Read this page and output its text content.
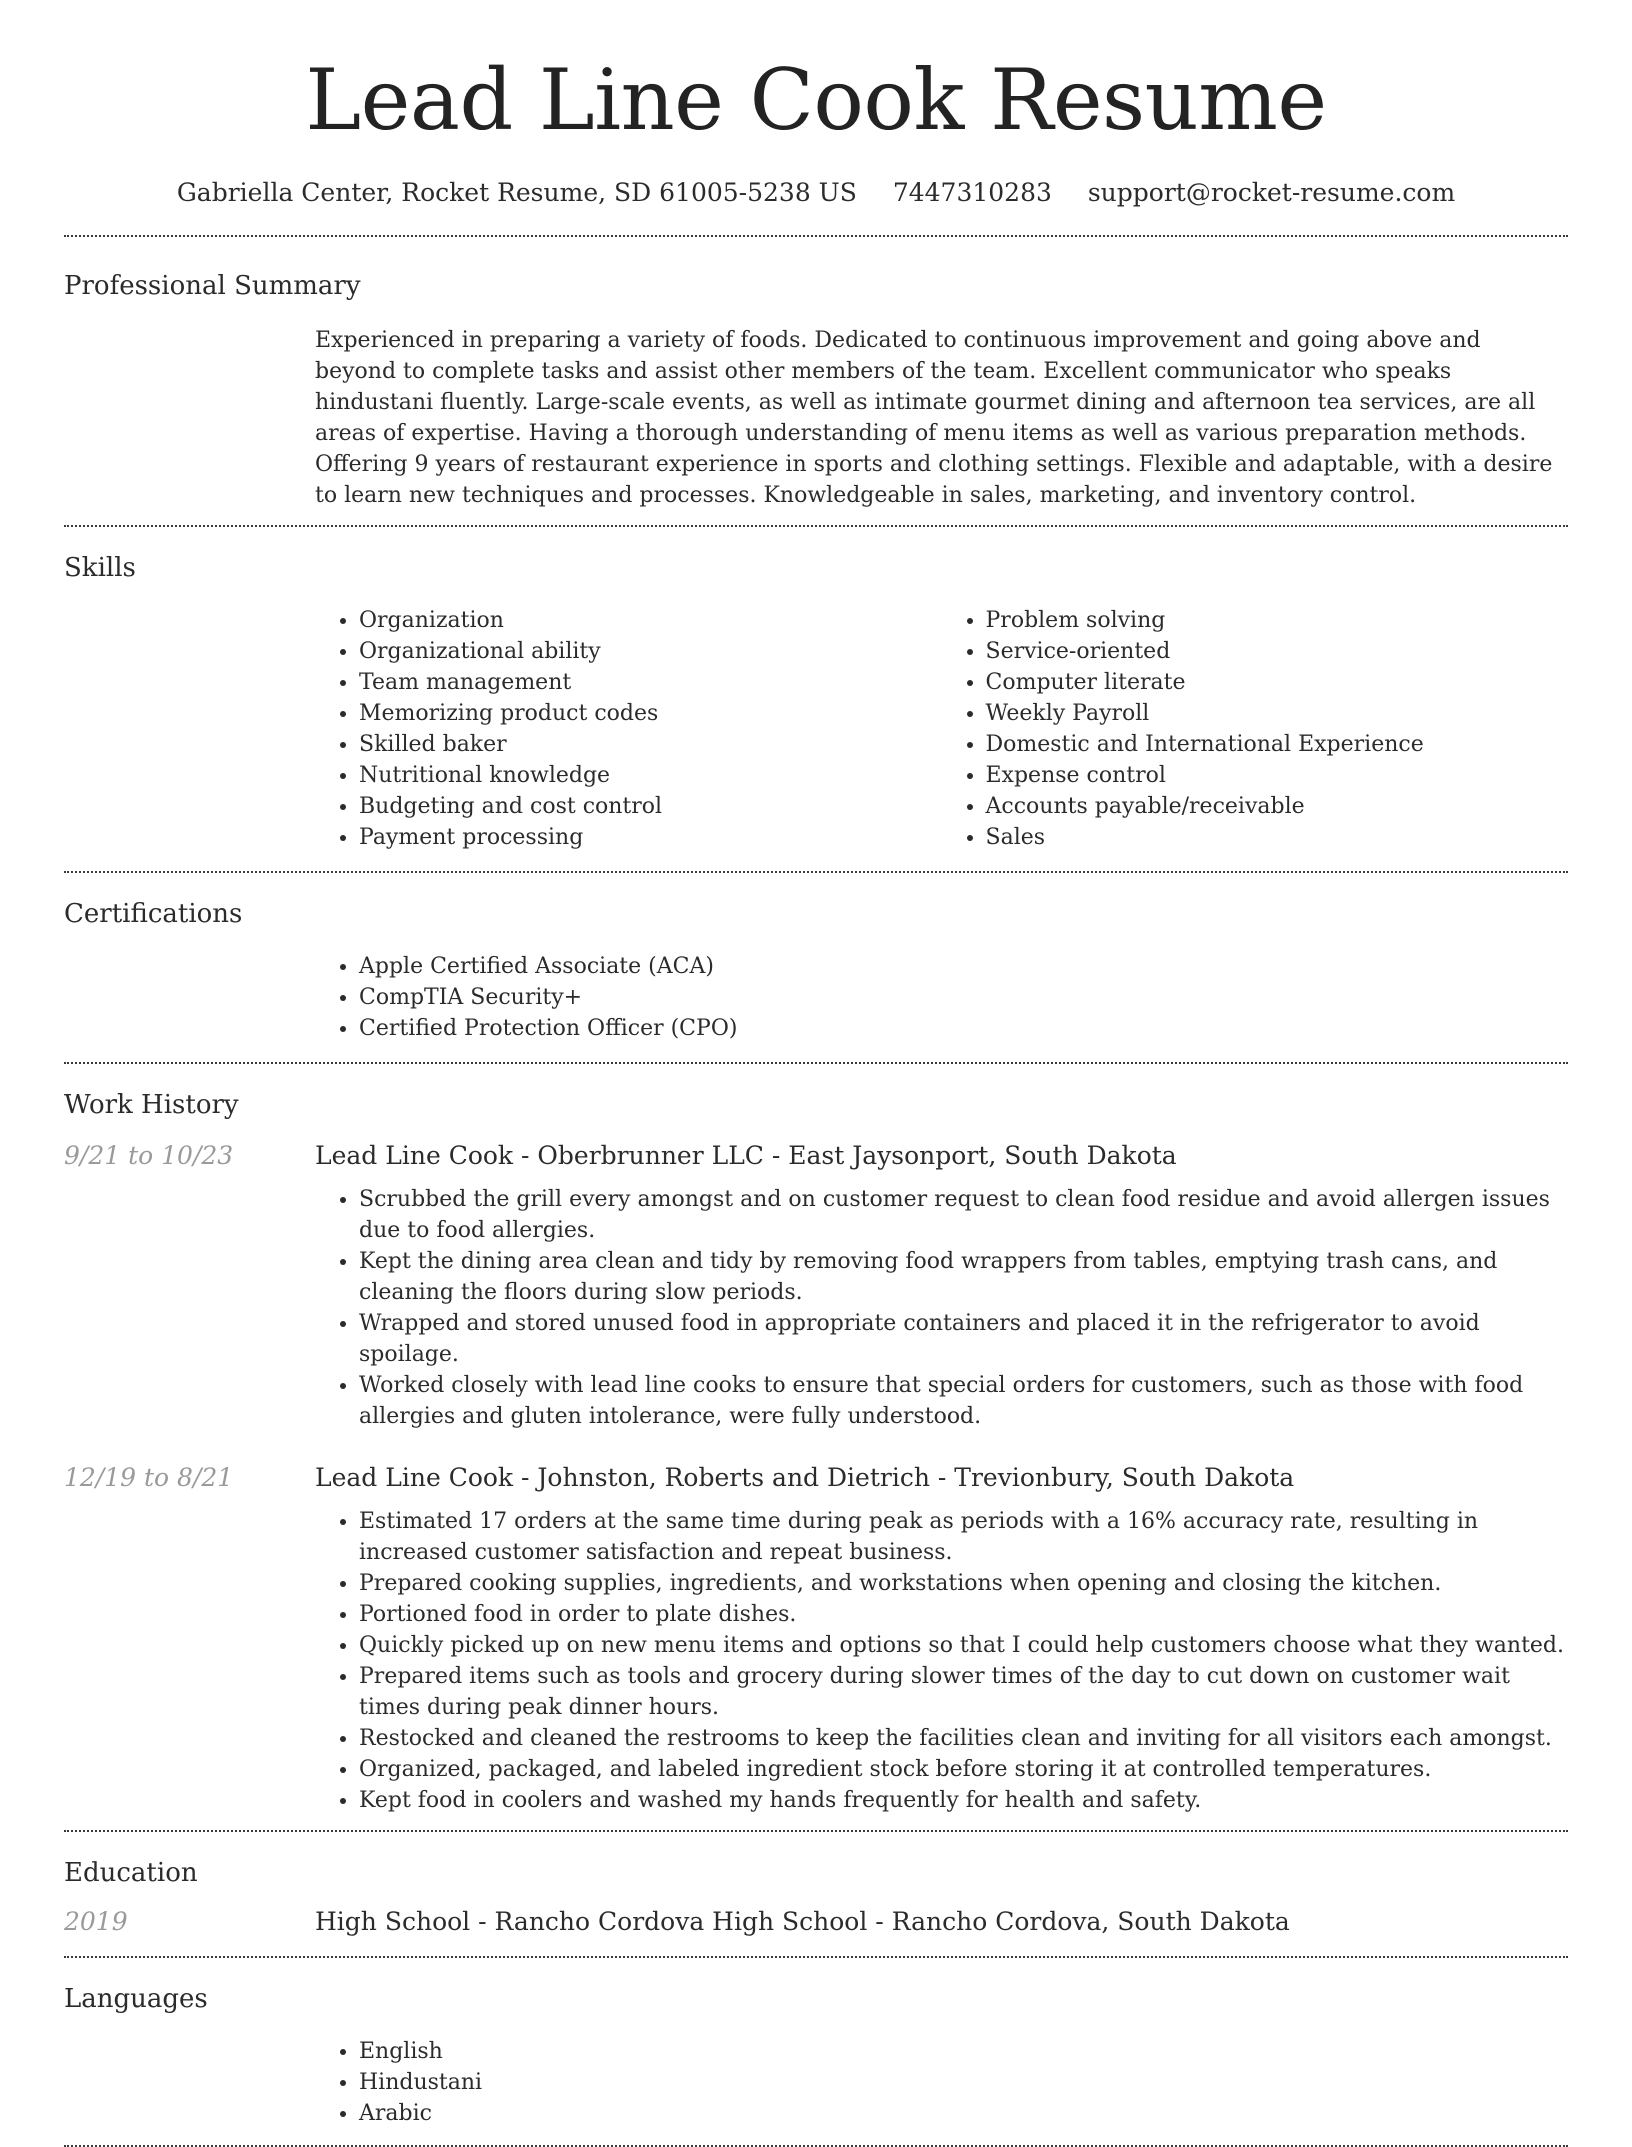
Lead Line Cook Resume
Gabriella Center, Rocket Resume, SD 61005-5238 US 7447310283 support@rocket-resume.com
Professional Summary

Experienced in preparing a variety of foods. Dedicated to continuous improvement and going above and beyond to complete tasks and assist other members of the team. Excellent communicator who speaks hindustani fluently. Large-scale events, as well as intimate gourmet dining and afternoon tea services, are all areas of expertise. Having a thorough understanding of menu items as well as various preparation methods. Offering 9 years of restaurant experience in sports and clothing settings. Flexible and adaptable, with a desire to learn new techniques and processes. Knowledgeable in sales, marketing, and inventory control.

Skills
• Organization
• Organizational ability
• Team management
• Memorizing product codes
• Skilled baker
• Nutritional knowledge
• Budgeting and cost control
• Payment processing
• Problem solving
• Service-oriented
• Computer literate
• Weekly Payroll
• Domestic and International Experience
• Expense control
• Accounts payable/receivable
• Sales
Certifications
• Apple Certified Associate (ACA)
• CompTIA Security+
• Certified Protection Officer (CPO)
Work History
9/21 to 10/23	Lead Line Cook - Oberbrunner LLC - East Jaysonport, South Dakota
• Scrubbed the grill every amongst and on customer request to clean food residue and avoid allergen issues due to food allergies.
• Kept the dining area clean and tidy by removing food wrappers from tables, emptying trash cans, and cleaning the floors during slow periods.
• Wrapped and stored unused food in appropriate containers and placed it in the refrigerator to avoid spoilage.
• Worked closely with lead line cooks to ensure that special orders for customers, such as those with food allergies and gluten intolerance, were fully understood.
12/19 to 8/21	Lead Line Cook - Johnston, Roberts and Dietrich - Trevionbury, South Dakota
• Estimated 17 orders at the same time during peak as periods with a 16% accuracy rate, resulting in increased customer satisfaction and repeat business.
• Prepared cooking supplies, ingredients, and workstations when opening and closing the kitchen.
• Portioned food in order to plate dishes.
• Quickly picked up on new menu items and options so that I could help customers choose what they wanted.
• Prepared items such as tools and grocery during slower times of the day to cut down on customer wait times during peak dinner hours.
• Restocked and cleaned the restrooms to keep the facilities clean and inviting for all visitors each amongst.
• Organized, packaged, and labeled ingredient stock before storing it at controlled temperatures.
• Kept food in coolers and washed my hands frequently for health and safety.
Education
2019	High School - Rancho Cordova High School - Rancho Cordova, South Dakota
Languages
• English
• Hindustani
• Arabic
